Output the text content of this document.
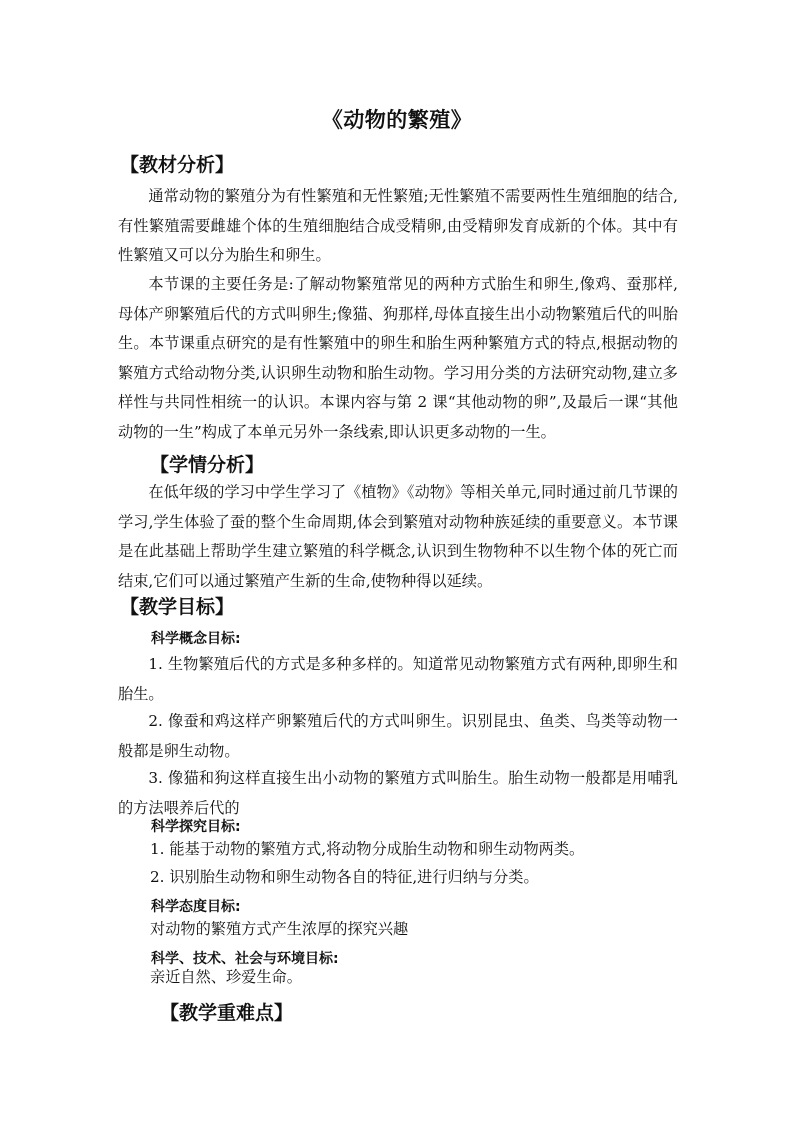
《动物的繁殖》
【教材分析】

通常动物的繁殖分为有性繁殖和无性繁殖;无性繁殖不需要两性生殖细胞的结合,有性繁殖需要雌雄个体的生殖细胞结合成受精卵,由受精卵发育成新的个体。其中有性繁殖又可以分为胎生和卵生。

本节课的主要任务是:了解动物繁殖常见的两种方式胎生和卵生,像鸡、蚕那样,母体产卵繁殖后代的方式叫卵生;像猫、狗那样,母体直接生出小动物繁殖后代的叫胎生。本节课重点研究的是有性繁殖中的卵生和胎生两种繁殖方式的特点,根据动物的繁殖方式给动物分类,认识卵生动物和胎生动物。学习用分类的方法研究动物,建立多样性与共同性相统一的认识。本课内容与第 2 课“其他动物的卵”,及最后一课“其他动物的一生”构成了本单元另外一条线索,即认识更多动物的一生。

【学情分析】

在低年级的学习中学生学习了《植物》《动物》等相关单元,同时通过前几节课的学习,学生体验了蚕的整个生命周期,体会到繁殖对动物种族延续的重要意义。本节课是在此基础上帮助学生建立繁殖的科学概念,认识到生物物种不以生物个体的死亡而结束,它们可以通过繁殖产生新的生命,使物种得以延续。

【教学目标】
科学概念目标:

1. 生物繁殖后代的方式是多种多样的。知道常见动物繁殖方式有两种,即卵生和胎生。

2. 像蚕和鸡这样产卵繁殖后代的方式叫卵生。识别昆虫、鱼类、鸟类等动物一般都是卵生动物。

3. 像猫和狗这样直接生出小动物的繁殖方式叫胎生。胎生动物一般都是用哺乳的方法喂养后代的

科学探究目标:
1. 能基于动物的繁殖方式,将动物分成胎生动物和卵生动物两类。
2. 识别胎生动物和卵生动物各自的特征,进行归纳与分类。
科学态度目标:
对动物的繁殖方式产生浓厚的探究兴趣
科学、技术、社会与环境目标:
亲近自然、珍爱生命。
【教学重难点】
